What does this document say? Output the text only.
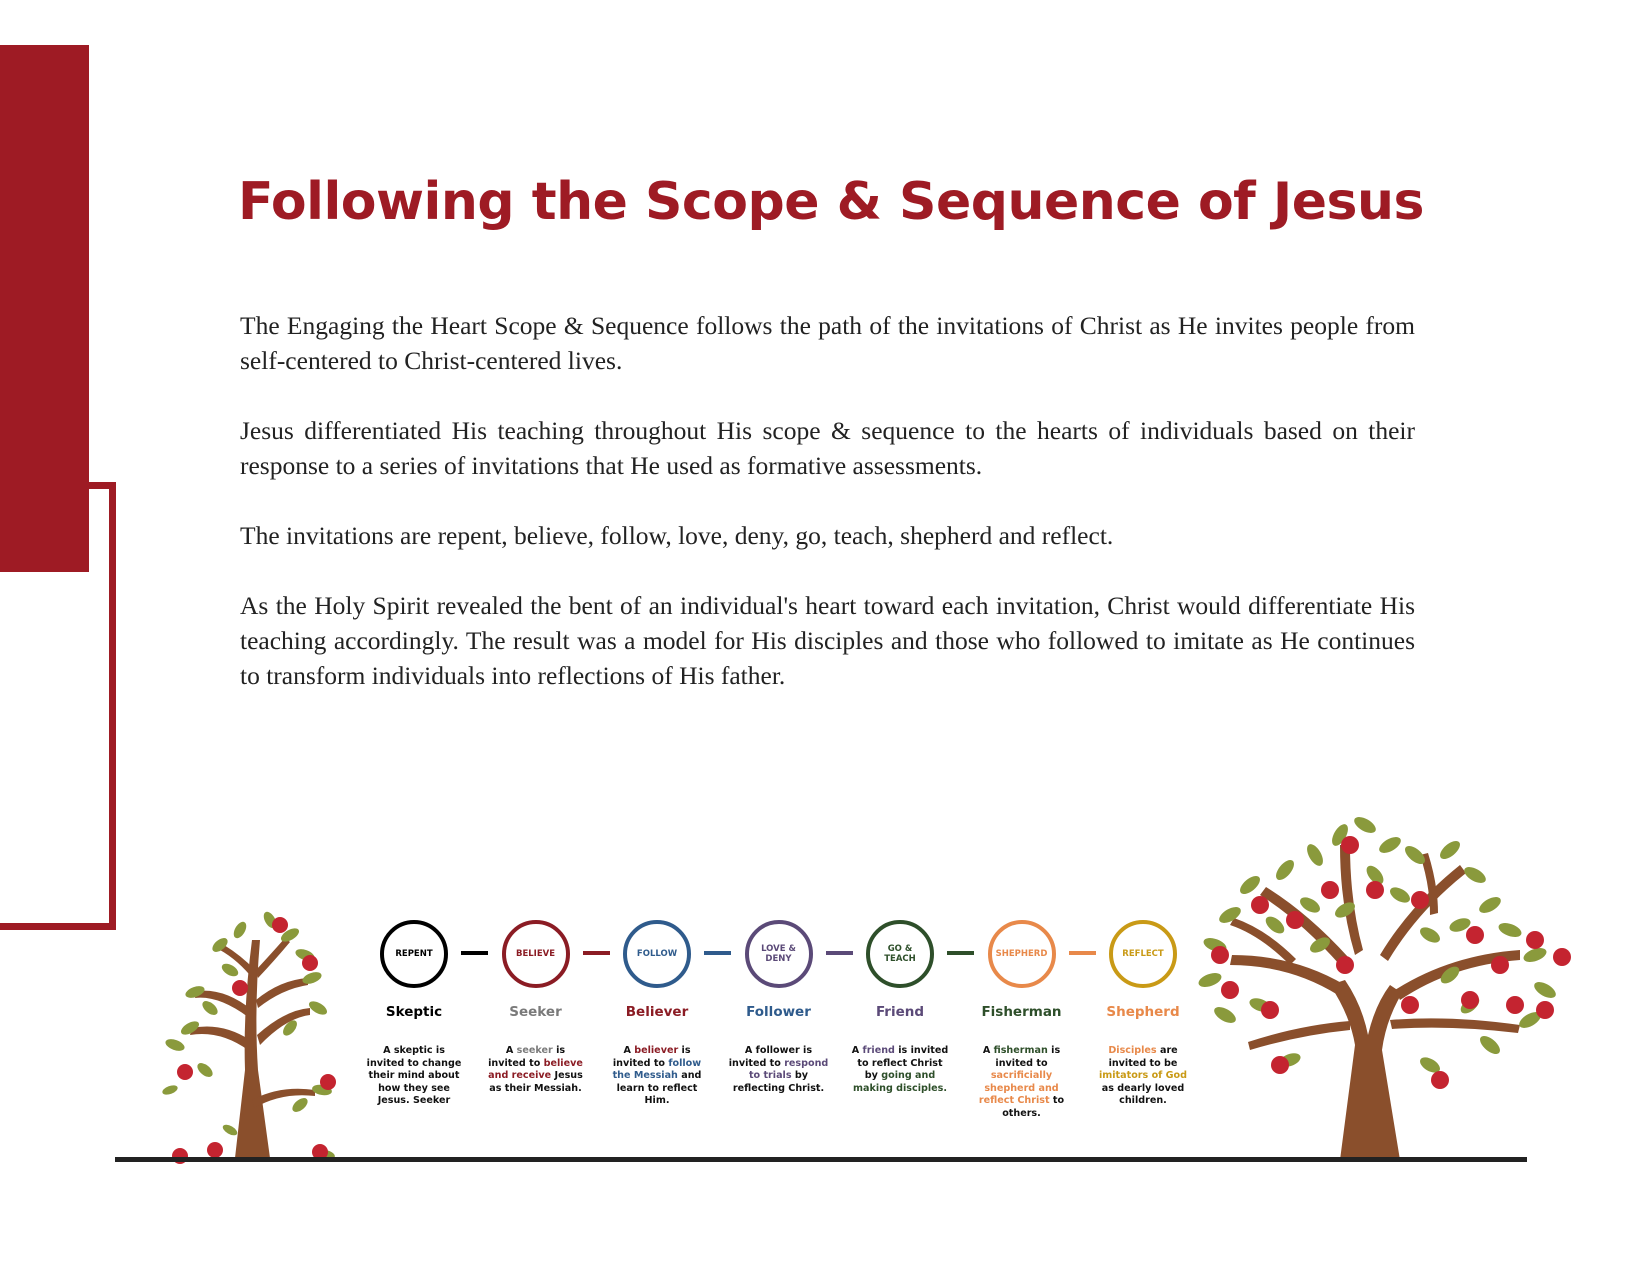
Following the Scope & Sequence of Jesus

The Engaging the Heart Scope & Sequence follows the path of the invitations of Christ as He invites people from self-centered to Christ-centered lives.

Jesus differentiated His teaching throughout His scope & sequence to the hearts of individuals based on their response to a series of invitations that He used as formative assessments.

The invitations are repent, believe, follow, love, deny, go, teach, shepherd and reflect.

As the Holy Spirit revealed the bent of an individual's heart toward each invitation, Christ would differentiate His teaching accordingly. The result was a model for His disciples and those who followed to imitate as He continues to transform individuals into reflections of His father.

REPENT
Skeptic
A skeptic is invited to change their mind about how they see Jesus. Seeker
BELIEVE
Seeker
A seeker is invited to believe and receive Jesus as their Messiah.
FOLLOW
Believer
A believer is invited to follow the Messiah and learn to reflect Him.
LOVE &
DENY
Follower
A follower is invited to respond to trials by reflecting Christ.
GO &
TEACH
Friend
A friend is invited to reflect Christ by going and making disciples.
SHEPHERD
Fisherman
A fisherman is invited to sacrificially shepherd and reflect Christ to others.
REFLECT
Shepherd
Disciples are invited to be imitators of God as dearly loved children.
